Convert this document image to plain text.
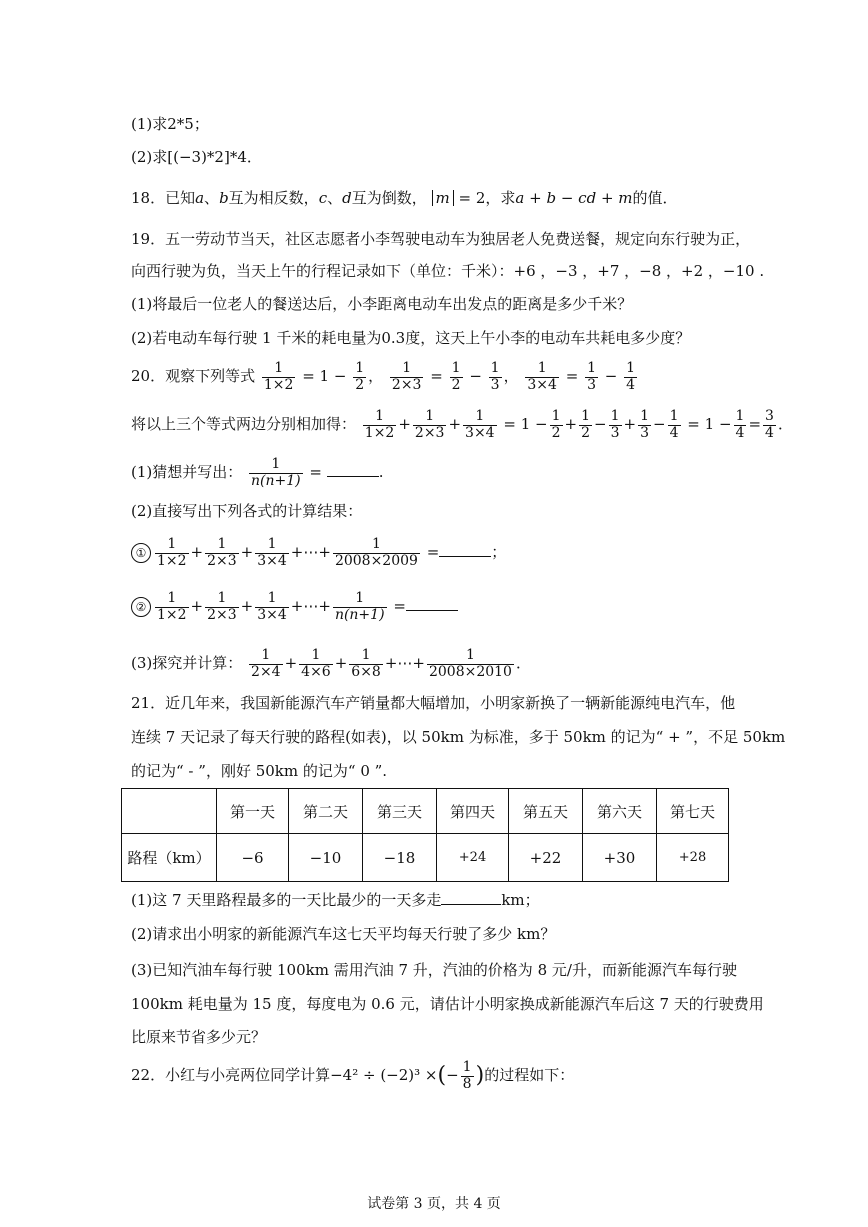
(1)求2*5；
(2)求[(−3)*2]*4．
18．已知a、b互为相反数，c、d互为倒数， m = 2，求a + b − cd + m的值．
19．五一劳动节当天，社区志愿者小李驾驶电动车为独居老人免费送餐，规定向东行驶为正，
向西行驶为负，当天上午的行程记录如下（单位：千米）：+6 ，−3 ，+7 ，−8 ，+2 ，−10 .
(1)将最后一位老人的餐送达后，小李距离电动车出发点的距离是多少千米？
(2)若电动车每行驶 1 千米的耗电量为0.3度，这天上午小李的电动车共耗电多少度？
20．观察下列等式 $\frac{1}{1\times 2} = 1 - \frac{1}{2}$ ， $\frac{1}{2\times 3} = \frac{1}{2} - \frac{1}{3}$ ， $\frac{1}{3\times 4} = \frac{1}{3} - \frac{1}{4}$
将以上三个等式两边分别相加得： $\frac{1}{1\times 2} + \frac{1}{2\times 3} + \frac{1}{3\times 4} = 1 - \frac{1}{2} + \frac{1}{2} - \frac{1}{3} + \frac{1}{3} - \frac{1}{4} = 1 - \frac{1}{4} = \frac{3}{4}$ ．
(1)猜想并写出： $\frac{1}{n(n+1)}$ =	.
(2)直接写出下列各式的计算结果：
① $\frac{1}{1\times 2} + \frac{1}{2\times 3} + \frac{1}{3\times 4}$ +⋯+ $\frac{1}{2008\times 2009}$ =	；
② $\frac{1}{1\times 2} + \frac{1}{2\times 3} + \frac{1}{3\times 4}$ +⋯+ $\frac{1}{n(n+1)}$ =
(3)探究并计算： $\frac{1}{2\times 4} + \frac{1}{4\times 6} + \frac{1}{6\times 8}$ +⋯+ $\frac{1}{2008\times 2010}$ ．
21．近几年来，我国新能源汽车产销量都大幅增加，小明家新换了一辆新能源纯电汽车，他
连续 7 天记录了每天行驶的路程(如表)，以 50km 为标准，多于 50km 的记为“ + ”，不足 50km
的记为“ - ”，刚好 50km 的记为“ 0 ”.
	第一天	第二天	第三天	第四天	第五天	第六天	第七天
路程（km）	−6	−10	−18	+24	+22	+30	+28
(1)这 7 天里路程最多的一天比最少的一天多走	km；
(2)请求出小明家的新能源汽车这七天平均每天行驶了多少 km？
(3)已知汽油车每行驶 100km 需用汽油 7 升，汽油的价格为 8 元/升，而新能源汽车每行驶
100km 耗电量为 15 度，每度电为 0.6 元，请估计小明家换成新能源汽车后这 7 天的行驶费用
比原来节省多少元？
22．小红与小亮两位同学计算−4² ÷ (−2)³ ×(− $\frac{1}{8}$ )的过程如下：
试卷第 3 页，共 4 页
